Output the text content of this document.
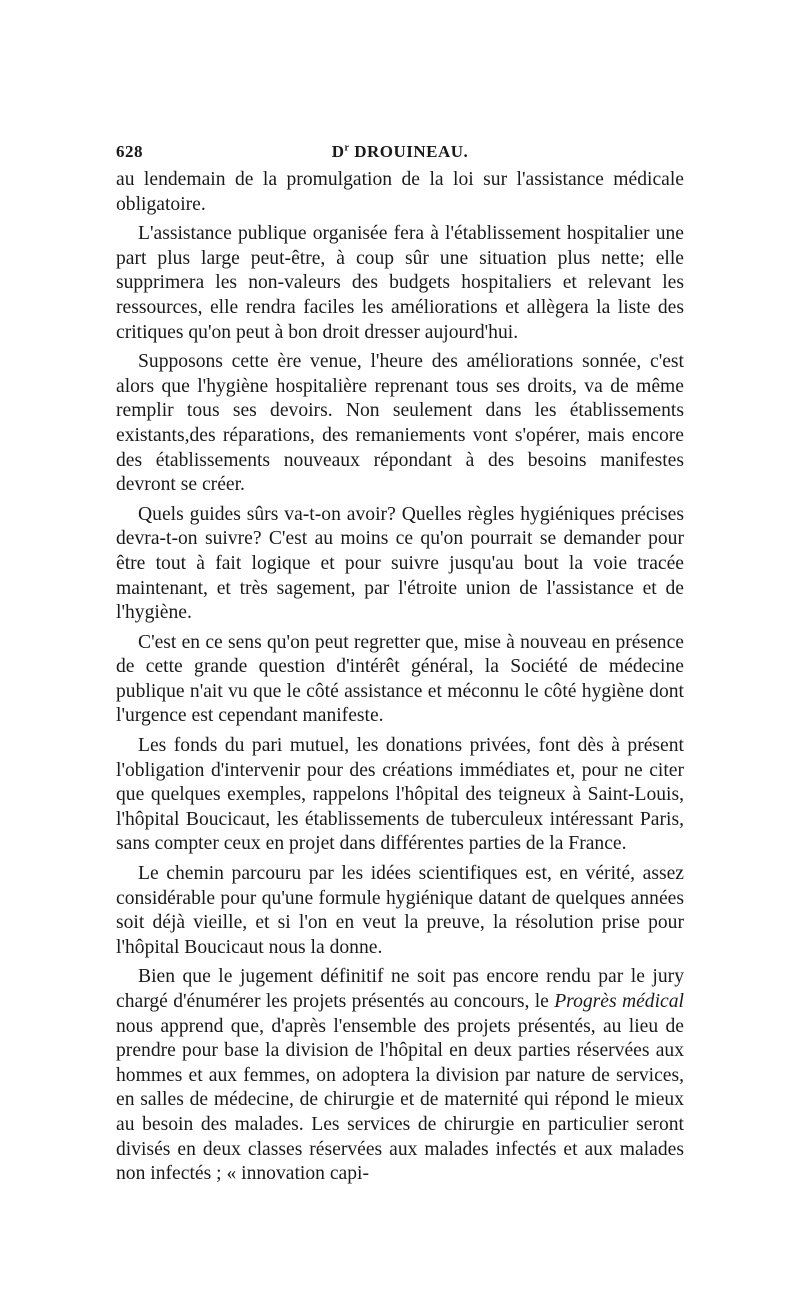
628	$D^r$ DROUINEAU.

au lendemain de la promulgation de la loi sur l'assistance médicale obligatoire.

L'assistance publique organisée fera à l'établissement hospitalier une part plus large peut-être, à coup sûr une situation plus nette; elle supprimera les non-valeurs des budgets hospitaliers et relevant les ressources, elle rendra faciles les améliorations et allègera la liste des critiques qu'on peut à bon droit dresser aujourd'hui.

Supposons cette ère venue, l'heure des améliorations sonnée, c'est alors que l'hygiène hospitalière reprenant tous ses droits, va de même remplir tous ses devoirs. Non seulement dans les établissements existants,des réparations, des remaniements vont s'opérer, mais encore des établissements nouveaux répondant à des besoins manifestes devront se créer.

Quels guides sûrs va-t-on avoir? Quelles règles hygiéniques précises devra-t-on suivre? C'est au moins ce qu'on pourrait se demander pour être tout à fait logique et pour suivre jusqu'au bout la voie tracée maintenant, et très sagement, par l'étroite union de l'assistance et de l'hygiène.

C'est en ce sens qu'on peut regretter que, mise à nouveau en présence de cette grande question d'intérêt général, la Société de médecine publique n'ait vu que le côté assistance et méconnu le côté hygiène dont l'urgence est cependant manifeste.

Les fonds du pari mutuel, les donations privées, font dès à présent l'obligation d'intervenir pour des créations immédiates et, pour ne citer que quelques exemples, rappelons l'hôpital des teigneux à Saint-Louis, l'hôpital Boucicaut, les établissements de tuberculeux intéressant Paris, sans compter ceux en projet dans différentes parties de la France.

Le chemin parcouru par les idées scientifiques est, en vérité, assez considérable pour qu'une formule hygiénique datant de quelques années soit déjà vieille, et si l'on en veut la preuve, la résolution prise pour l'hôpital Boucicaut nous la donne.

Bien que le jugement définitif ne soit pas encore rendu par le jury chargé d'énumérer les projets présentés au concours, le Progrès médical nous apprend que, d'après l'ensemble des projets présentés, au lieu de prendre pour base la division de l'hôpital en deux parties réservées aux hommes et aux femmes, on adoptera la division par nature de services, en salles de médecine, de chirurgie et de maternité qui répond le mieux au besoin des malades. Les services de chirurgie en particulier seront divisés en deux classes réservées aux malades infectés et aux malades non infectés ; « innovation capi-
